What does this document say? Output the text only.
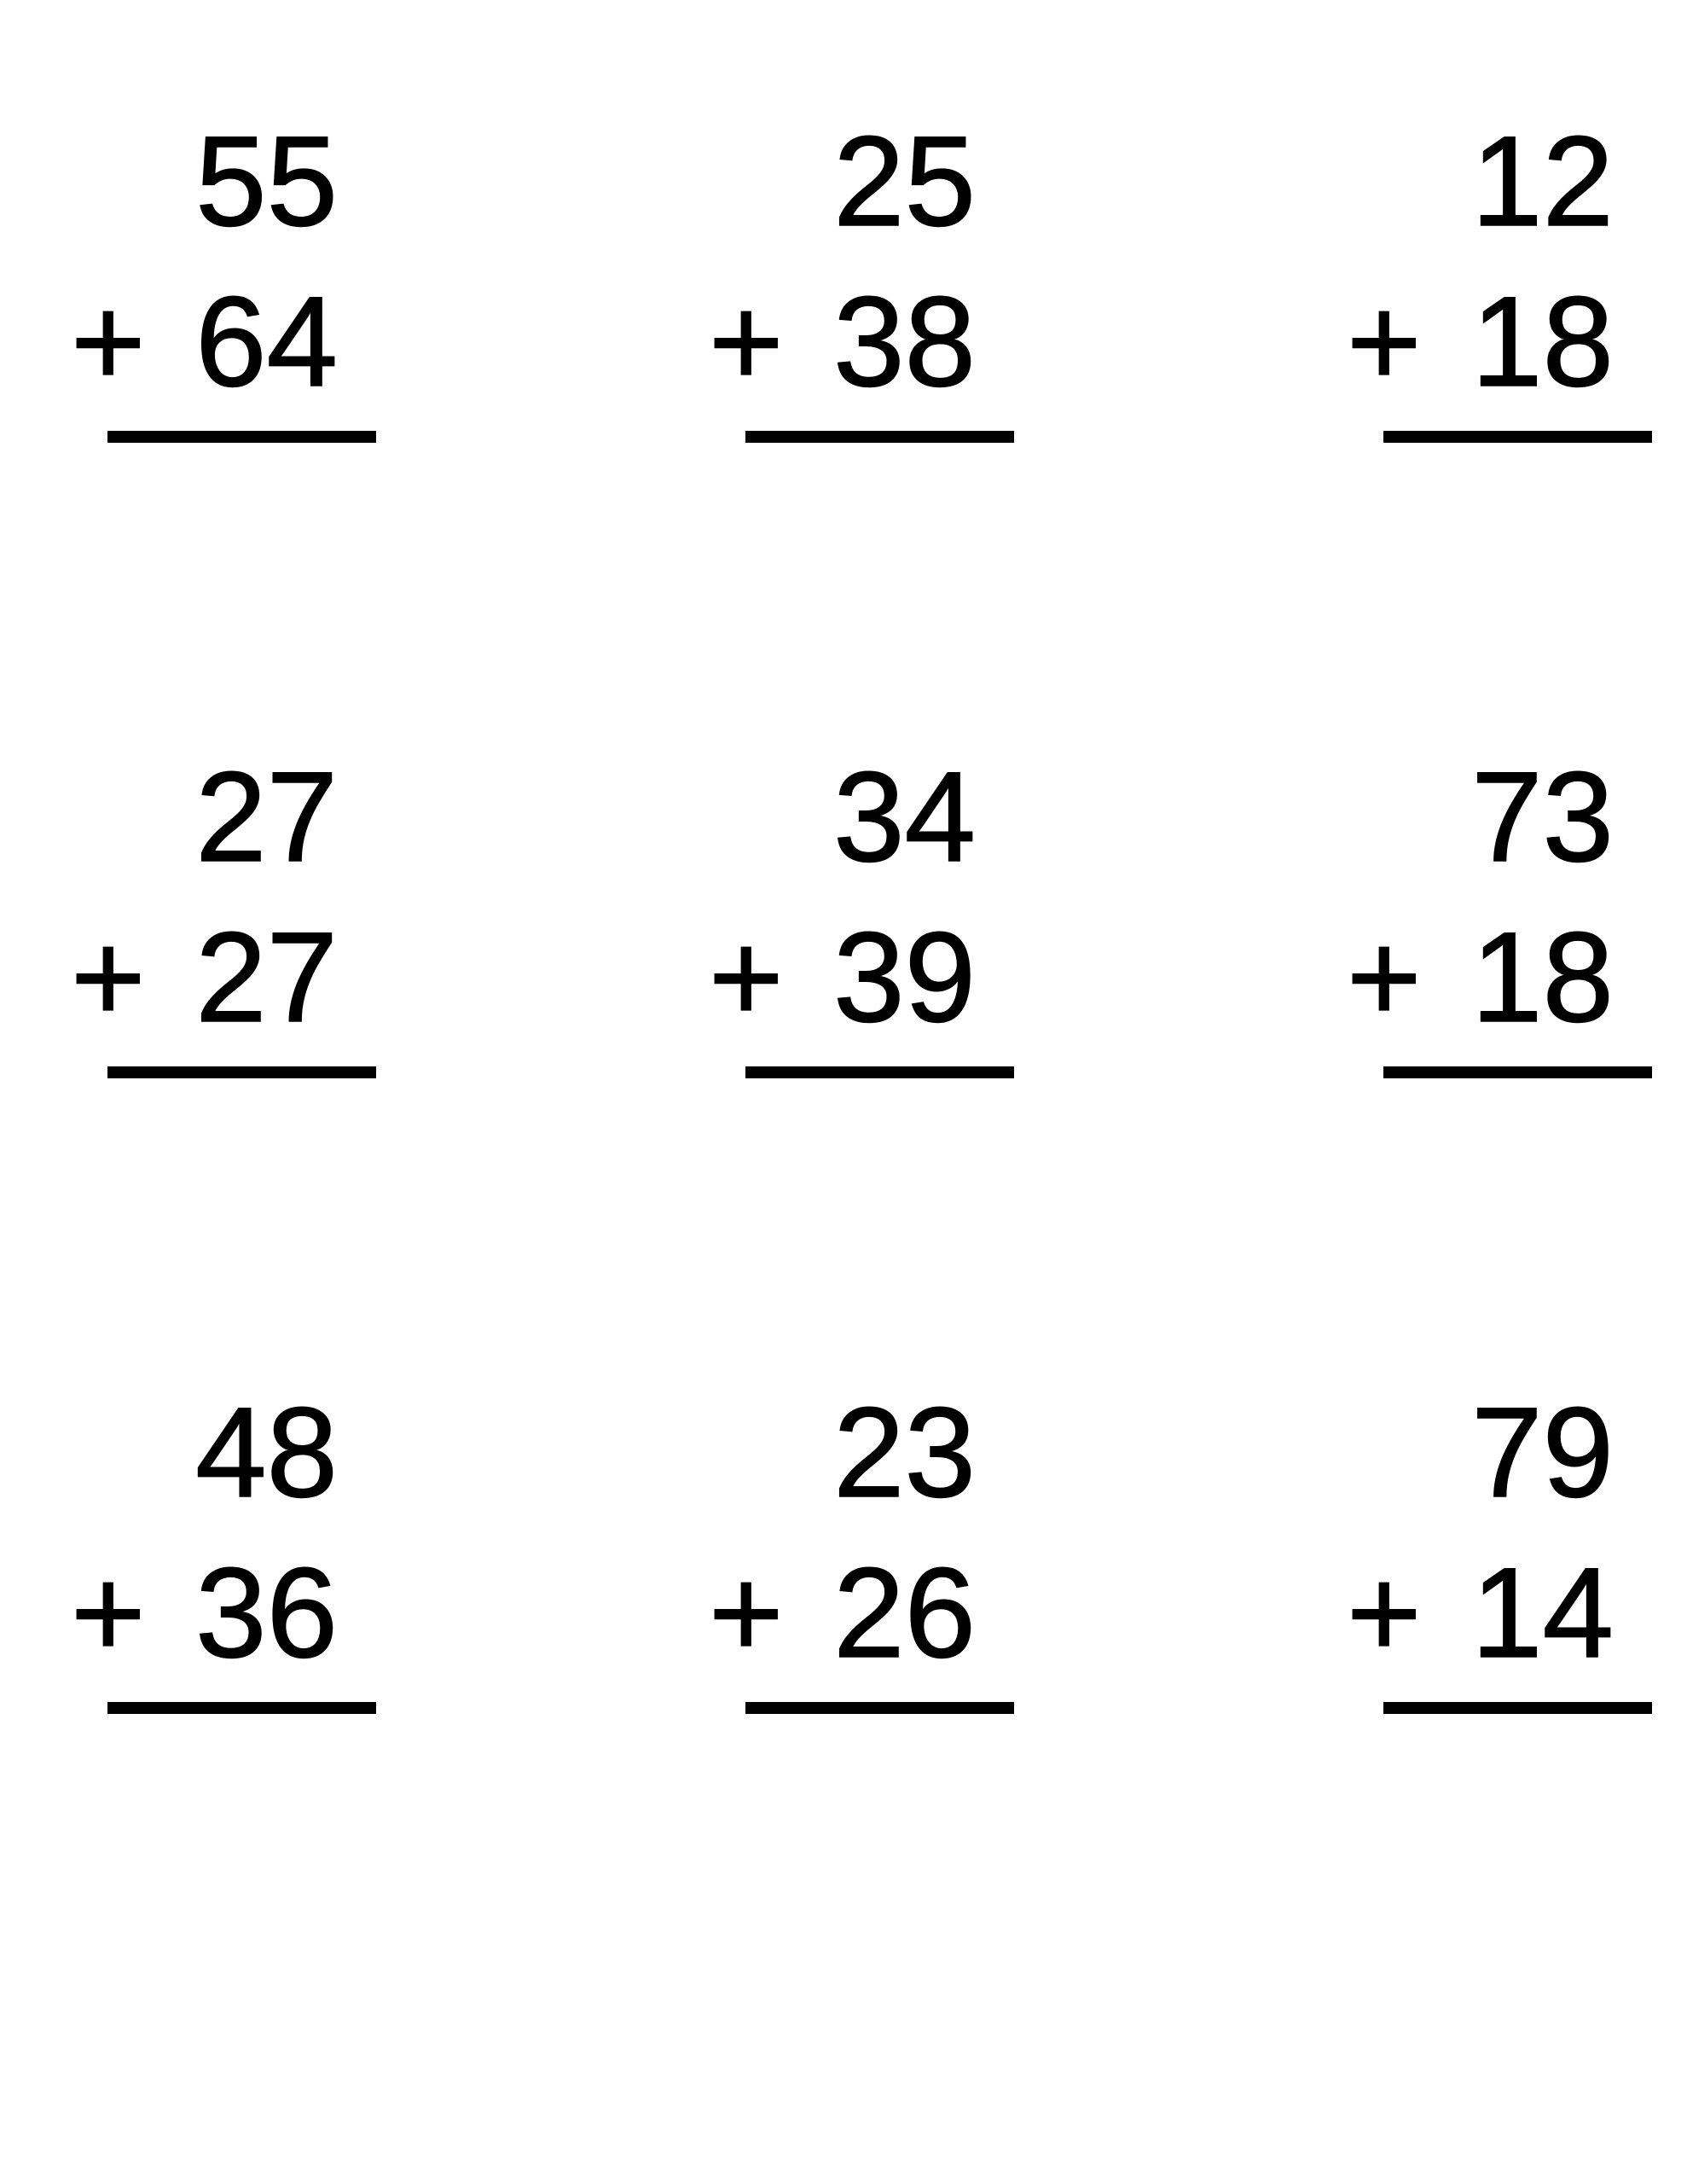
55
+ 64
25
+ 38
12
+ 18
27
+ 27
34
+ 39
73
+ 18
48
+ 36
23
+ 26
79
+ 14
